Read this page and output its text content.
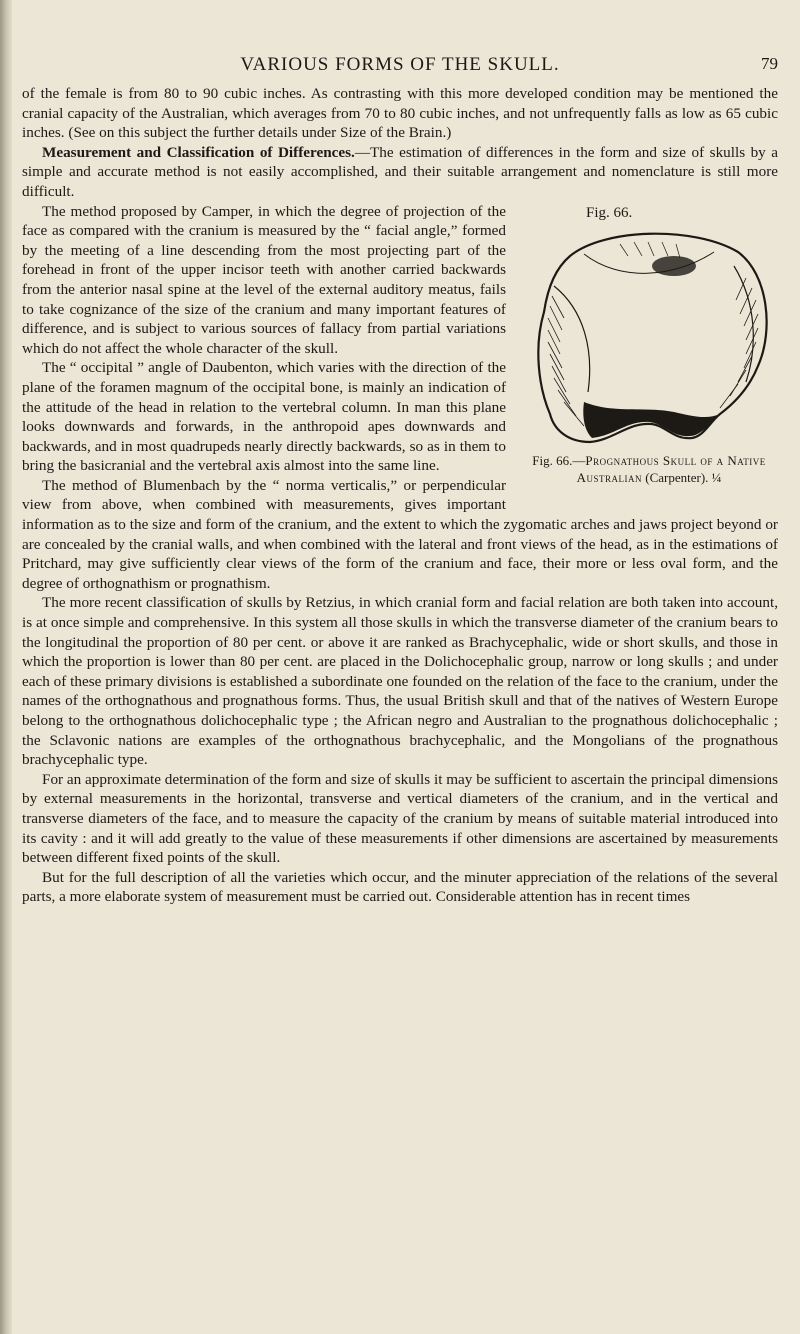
VARIOUS FORMS OF THE SKULL.	79

of the female is from 80 to 90 cubic inches. As contrasting with this more developed condition may be mentioned the cranial capacity of the Australian, which averages from 70 to 80 cubic inches, and not unfrequently falls as low as 65 cubic inches. (See on this subject the further details under Size of the Brain.)

Measurement and Classification of Differences.—The estimation of differences in the form and size of skulls by a simple and accurate method is not easily accomplished, and their suitable arrangement and nomenclature is still more difficult.

Fig. 66.
Fig. 66.—Prognathous Skull of a Native Australian (Carpenter). ¼

The method proposed by Camper, in which the degree of projection of the face as compared with the cranium is measured by the “ facial angle,” formed by the meeting of a line descending from the most projecting part of the forehead in front of the upper incisor teeth with another carried backwards from the anterior nasal spine at the level of the external auditory meatus, fails to take cognizance of the size of the cranium and many important features of difference, and is subject to various sources of fallacy from partial variations which do not affect the whole character of the skull.

The “ occipital ” angle of Daubenton, which varies with the direction of the plane of the foramen magnum of the occipital bone, is mainly an indication of the attitude of the head in relation to the vertebral column. In man this plane looks downwards and forwards, in the anthropoid apes downwards and backwards, and in most quadrupeds nearly directly backwards, so as in them to bring the basicranial and the vertebral axis almost into the same line.

The method of Blumenbach by the “ norma verticalis,” or perpendicular view from above, when combined with measurements, gives important information as to the size and form of the cranium, and the extent to which the zygomatic arches and jaws project beyond or are concealed by the cranial walls, and when combined with the lateral and front views of the head, as in the estimations of Pritchard, may give sufficiently clear views of the form of the cranium and face, their more or less oval form, and the degree of orthognathism or prognathism.

The more recent classification of skulls by Retzius, in which cranial form and facial relation are both taken into account, is at once simple and comprehensive. In this system all those skulls in which the transverse diameter of the cranium bears to the longitudinal the proportion of 80 per cent. or above it are ranked as Brachycephalic, wide or short skulls, and those in which the proportion is lower than 80 per cent. are placed in the Dolichocephalic group, narrow or long skulls ; and under each of these primary divisions is established a subordinate one founded on the relation of the face to the cranium, under the names of the orthognathous and prognathous forms. Thus, the usual British skull and that of the natives of Western Europe belong to the orthognathous dolichocephalic type ; the African negro and Australian to the prognathous dolichocephalic ; the Sclavonic nations are examples of the orthognathous brachycephalic, and the Mongolians of the prognathous brachycephalic type.

For an approximate determination of the form and size of skulls it may be sufficient to ascertain the principal dimensions by external measurements in the horizontal, transverse and vertical diameters of the cranium, and in the vertical and transverse diameters of the face, and to measure the capacity of the cranium by means of suitable material introduced into its cavity : and it will add greatly to the value of these measurements if other dimensions are ascertained by measurements between different fixed points of the skull.

But for the full description of all the varieties which occur, and the minuter appreciation of the relations of the several parts, a more elaborate system of measurement must be carried out. Considerable attention has in recent times
